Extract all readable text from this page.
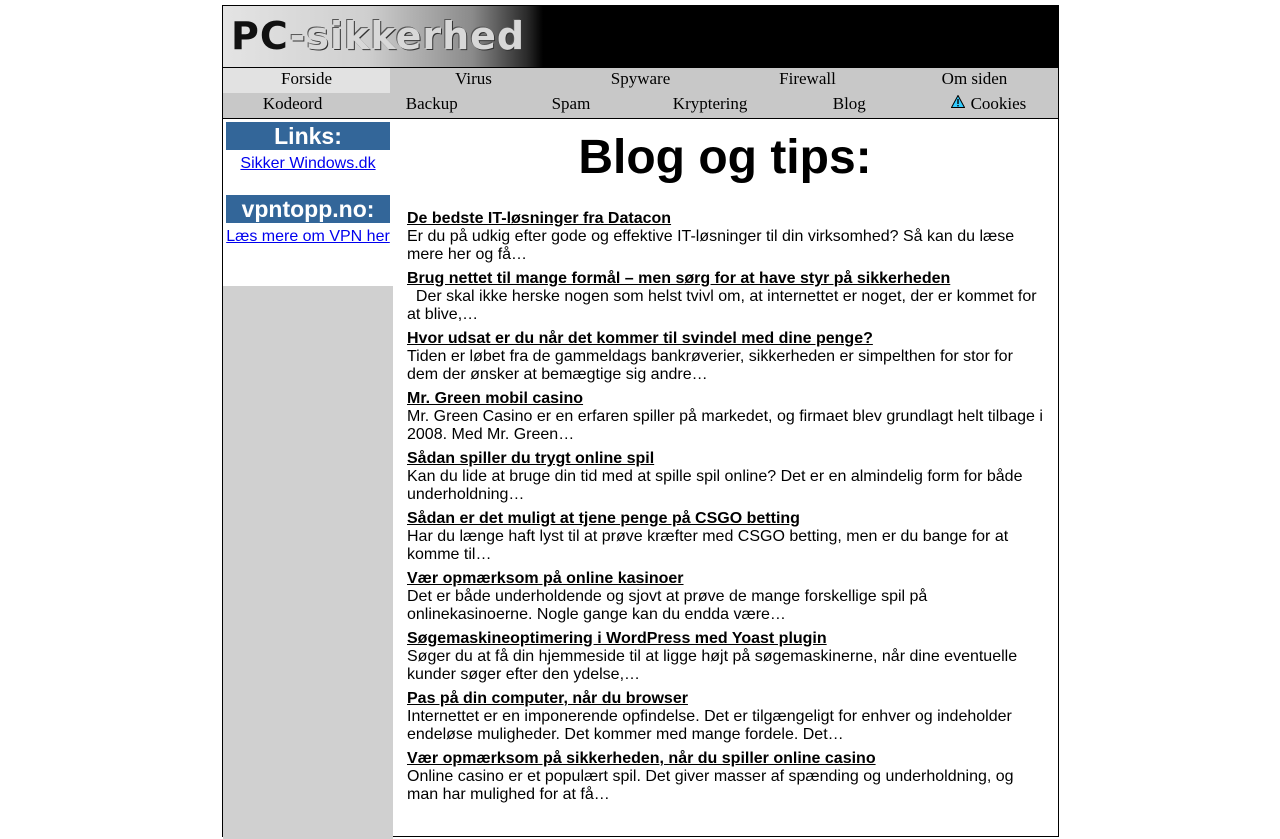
PC-sikkerhed
Forside	Virus	Spyware	Firewall	Om siden
Kodeord	Backup	Spam	Kryptering	Blog	Cookies
Links:
Sikker Windows.dk
vpntopp.no:
Læs mere om VPN her
Blog og tips:
De bedste IT-løsninger fra Datacon
Er du på udkig efter gode og effektive IT-løsninger til din virksomhed? Så kan du læse mere her og få…
Brug nettet til mange formål – men sørg for at have styr på sikkerheden
Der skal ikke herske nogen som helst tvivl om, at internettet er noget, der er kommet for at blive,…
Hvor udsat er du når det kommer til svindel med dine penge?
Tiden er løbet fra de gammeldags bankrøverier, sikkerheden er simpelthen for stor for dem der ønsker at bemægtige sig andre…
Mr. Green mobil casino
Mr. Green Casino er en erfaren spiller på markedet, og firmaet blev grundlagt helt tilbage i 2008. Med Mr. Green…
Sådan spiller du trygt online spil
Kan du lide at bruge din tid med at spille spil online? Det er en almindelig form for både underholdning…
Sådan er det muligt at tjene penge på CSGO betting
Har du længe haft lyst til at prøve kræfter med CSGO betting, men er du bange for at komme til…
Vær opmærksom på online kasinoer
Det er både underholdende og sjovt at prøve de mange forskellige spil på onlinekasinoerne. Nogle gange kan du endda være…
Søgemaskineoptimering i WordPress med Yoast plugin
Søger du at få din hjemmeside til at ligge højt på søgemaskinerne, når dine eventuelle kunder søger efter den ydelse,…
Pas på din computer, når du browser
Internettet er en imponerende opfindelse. Det er tilgængeligt for enhver og indeholder endeløse muligheder. Det kommer med mange fordele. Det…
Vær opmærksom på sikkerheden, når du spiller online casino
Online casino er et populært spil. Det giver masser af spænding og underholdning, og man har mulighed for at få…
